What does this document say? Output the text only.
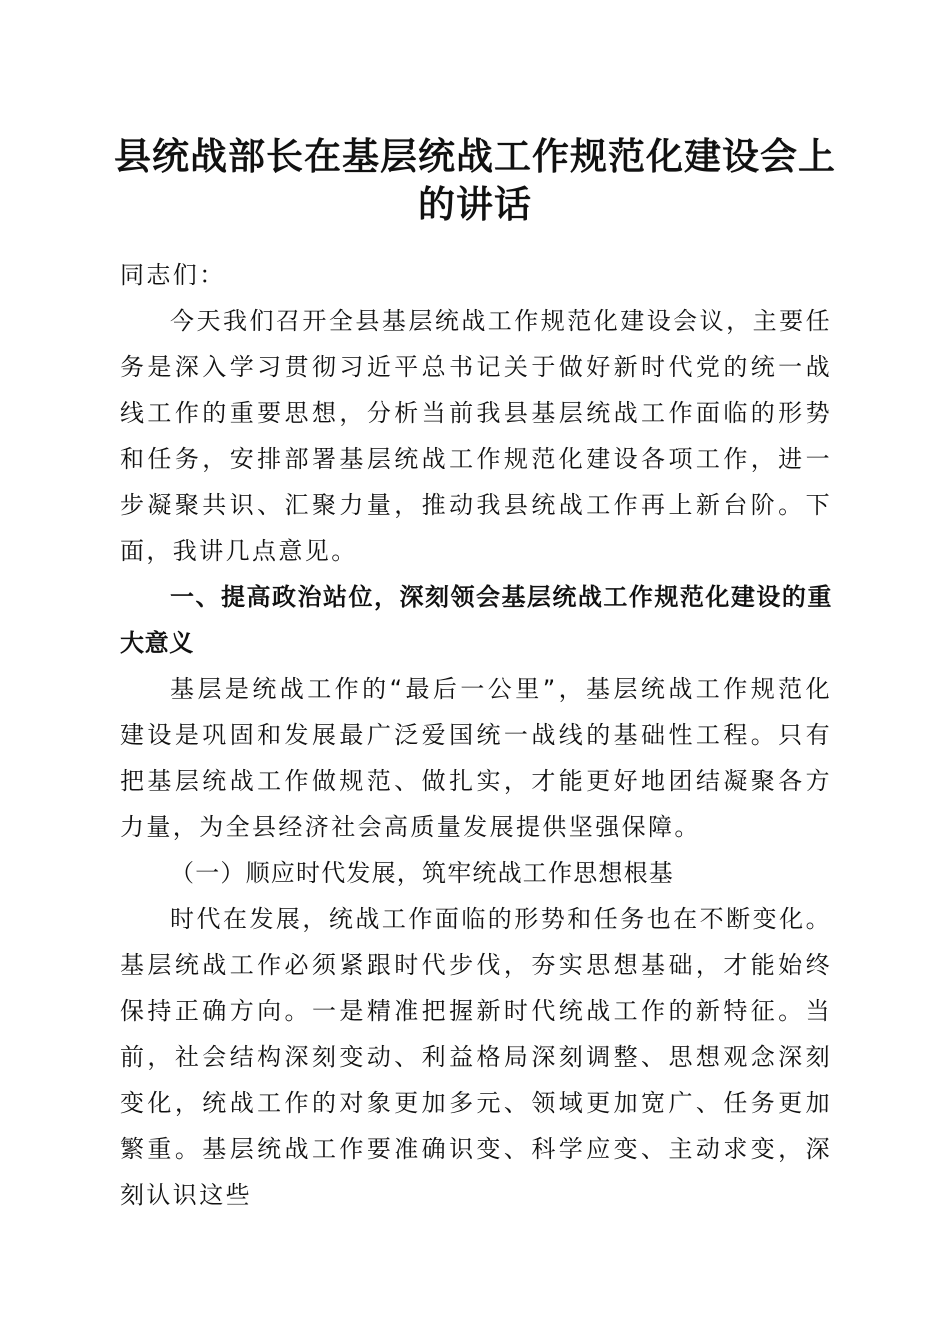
县统战部长在基层统战工作规范化建设会上的讲话

同志们：

今天我们召开全县基层统战工作规范化建设会议，主要任务是深入学习贯彻习近平总书记关于做好新时代党的统一战线工作的重要思想，分析当前我县基层统战工作面临的形势和任务，安排部署基层统战工作规范化建设各项工作，进一步凝聚共识、汇聚力量，推动我县统战工作再上新台阶。下面，我讲几点意见。

一、提高政治站位，深刻领会基层统战工作规范化建设的重大意义

基层是统战工作的“最后一公里”，基层统战工作规范化建设是巩固和发展最广泛爱国统一战线的基础性工程。只有把基层统战工作做规范、做扎实，才能更好地团结凝聚各方力量，为全县经济社会高质量发展提供坚强保障。

（一）顺应时代发展，筑牢统战工作思想根基

时代在发展，统战工作面临的形势和任务也在不断变化。基层统战工作必须紧跟时代步伐，夯实思想基础，才能始终保持正确方向。一是精准把握新时代统战工作的新特征。当前，社会结构深刻变动、利益格局深刻调整、思想观念深刻变化，统战工作的对象更加多元、领域更加宽广、任务更加繁重。基层统战工作要准确识变、科学应变、主动求变，深刻认识这些
